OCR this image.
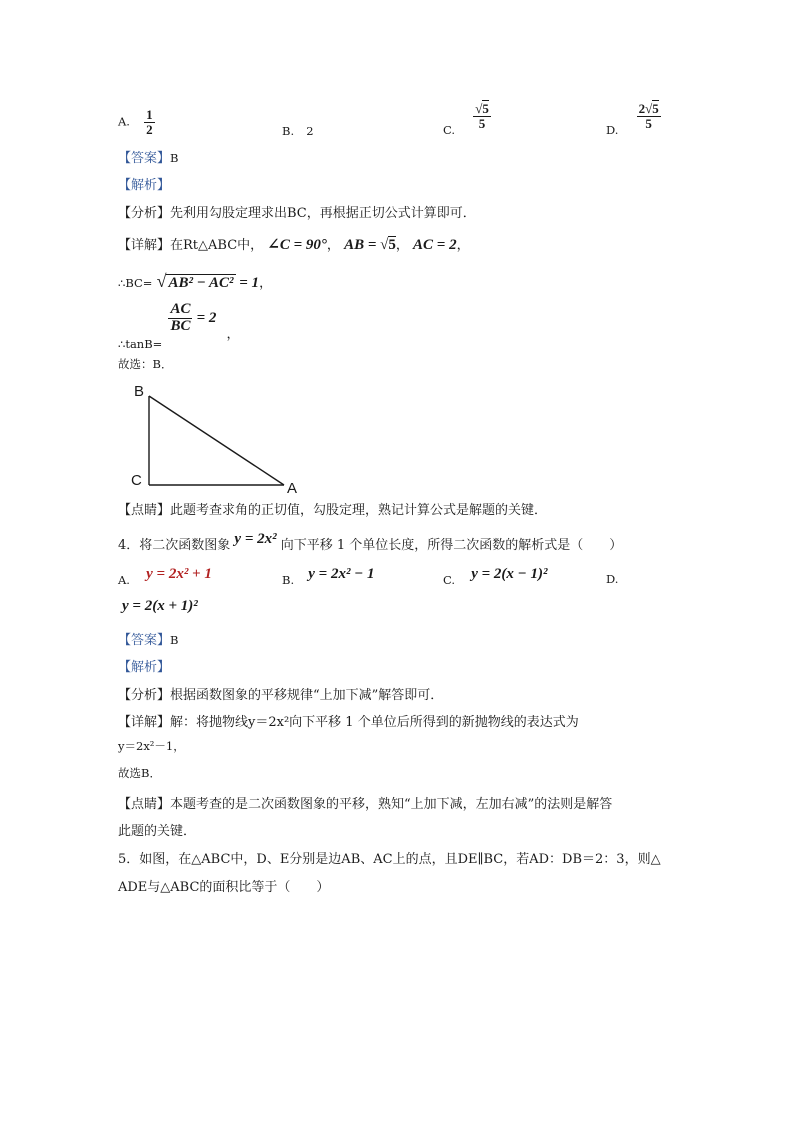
A. $\frac{1}{2}$	B. 2	C. $\frac{√5}{5}$	D. $\frac{2√5}{5}$
【答案】B
【解析】
【分析】先利用勾股定理求出BC，再根据正切公式计算即可．
【详解】在Rt△ABC中， ∠C = 90°， AB = √5， AC = 2，
∴BC= √ AB² − AC² = 1，
∴tanB=
$\frac{AC}{BC} = 2$ ，
故选：B．
B
C	A
【点睛】此题考查求角的正切值，勾股定理，熟记计算公式是解题的关键．
4．将二次函数图象 y = 2x² 向下平移 1 个单位长度，所得二次函数的解析式是（　　）
A. y = 2x² + 1	B. y = 2x² − 1	C. y = 2(x − 1)²	D.
y = 2(x + 1)²
【答案】B
【解析】
【分析】根据函数图象的平移规律“上加下减”解答即可．
【详解】解：将抛物线y＝2x²向下平移 1 个单位后所得到的新抛物线的表达式为
y＝2x²－1，
故选B．
【点睛】本题考查的是二次函数图象的平移，熟知“上加下减，左加右减”的法则是解答
此题的关键．
5．如图，在△ABC中，D、E分别是边AB、AC上的点，且DE∥BC，若AD：DB＝2：3，则△
ADE与△ABC的面积比等于（　　）
